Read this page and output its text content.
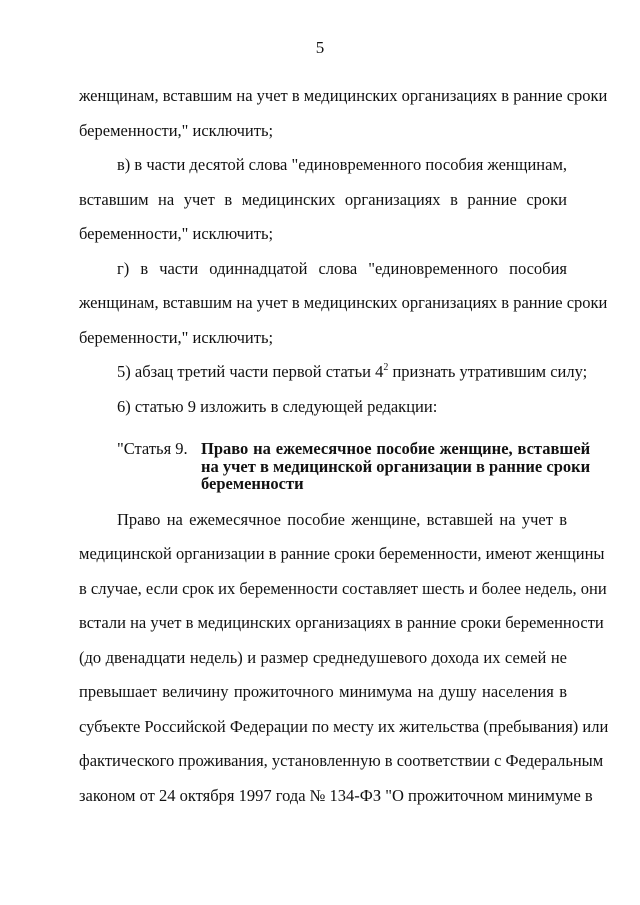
5
женщинам, вставшим на учет в медицинских организациях в ранние сроки
беременности," исключить;
в) в части десятой слова "единовременного пособия женщинам,
вставшим на учет в медицинских организациях в ранние сроки
беременности," исключить;
г) в части одиннадцатой слова "единовременного пособия
женщинам, вставшим на учет в медицинских организациях в ранние сроки
беременности," исключить;
5) абзац третий части первой статьи $4^2$ признать утратившим силу;
6) статью 9 изложить в следующей редакции:
"Статья 9. Право на ежемесячное пособие женщине, вставшей
на учет в медицинской организации в ранние сроки
беременности
Право на ежемесячное пособие женщине, вставшей на учет в
медицинской организации в ранние сроки беременности, имеют женщины
в случае, если срок их беременности составляет шесть и более недель, они
встали на учет в медицинских организациях в ранние сроки беременности
(до двенадцати недель) и размер среднедушевого дохода их семей не
превышает величину прожиточного минимума на душу населения в
субъекте Российской Федерации по месту их жительства (пребывания) или
фактического проживания, установленную в соответствии с Федеральным
законом от 24 октября 1997 года № 134-ФЗ "О прожиточном минимуме в
